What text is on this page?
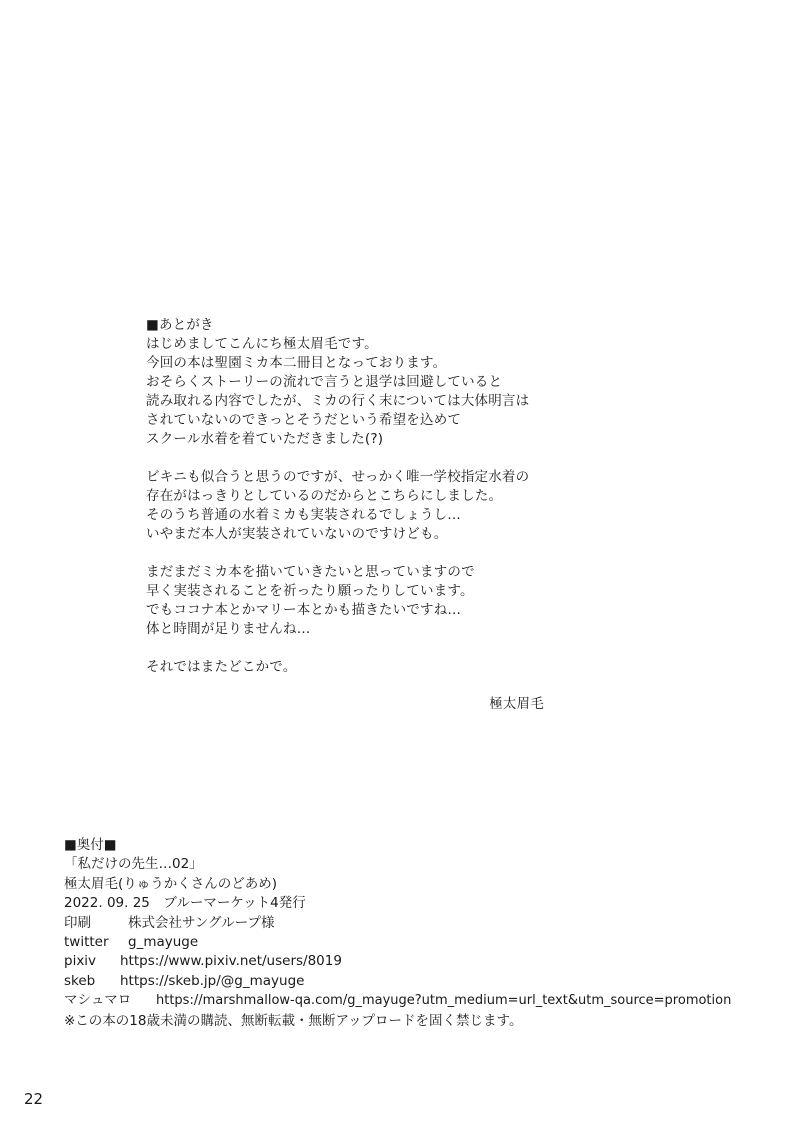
■あとがき
はじめましてこんにち極太眉毛です。
今回の本は聖園ミカ本二冊目となっております。
おそらくストーリーの流れで言うと退学は回避していると
読み取れる内容でしたが、ミカの行く末については大体明言は
されていないのできっとそうだという希望を込めて
スクール水着を着ていただきました(?)
ビキニも似合うと思うのですが、せっかく唯一学校指定水着の
存在がはっきりとしているのだからとこちらにしました。
そのうち普通の水着ミカも実装されるでしょうし…
いやまだ本人が実装されていないのですけども。
まだまだミカ本を描いていきたいと思っていますので
早く実装されることを祈ったり願ったりしています。
でもココナ本とかマリー本とかも描きたいですね…
体と時間が足りませんね…
それではまたどこかで。
極太眉毛
■奥付■
「私だけの先生…02」
極太眉毛(りゅうかくさんのどあめ)
2022. 09. 25　ブルーマーケット4発行
印刷	株式会社サングループ様
twitter g_mayuge
pixiv https://www.pixiv.net/users/8019
skeb https://skeb.jp/@g_mayuge
マシュマロ https://marshmallow-qa.com/g_mayuge?utm_medium=url_text&utm_source=promotion
※この本の18歳未満の購読、無断転載・無断アップロードを固く禁じます。
22
